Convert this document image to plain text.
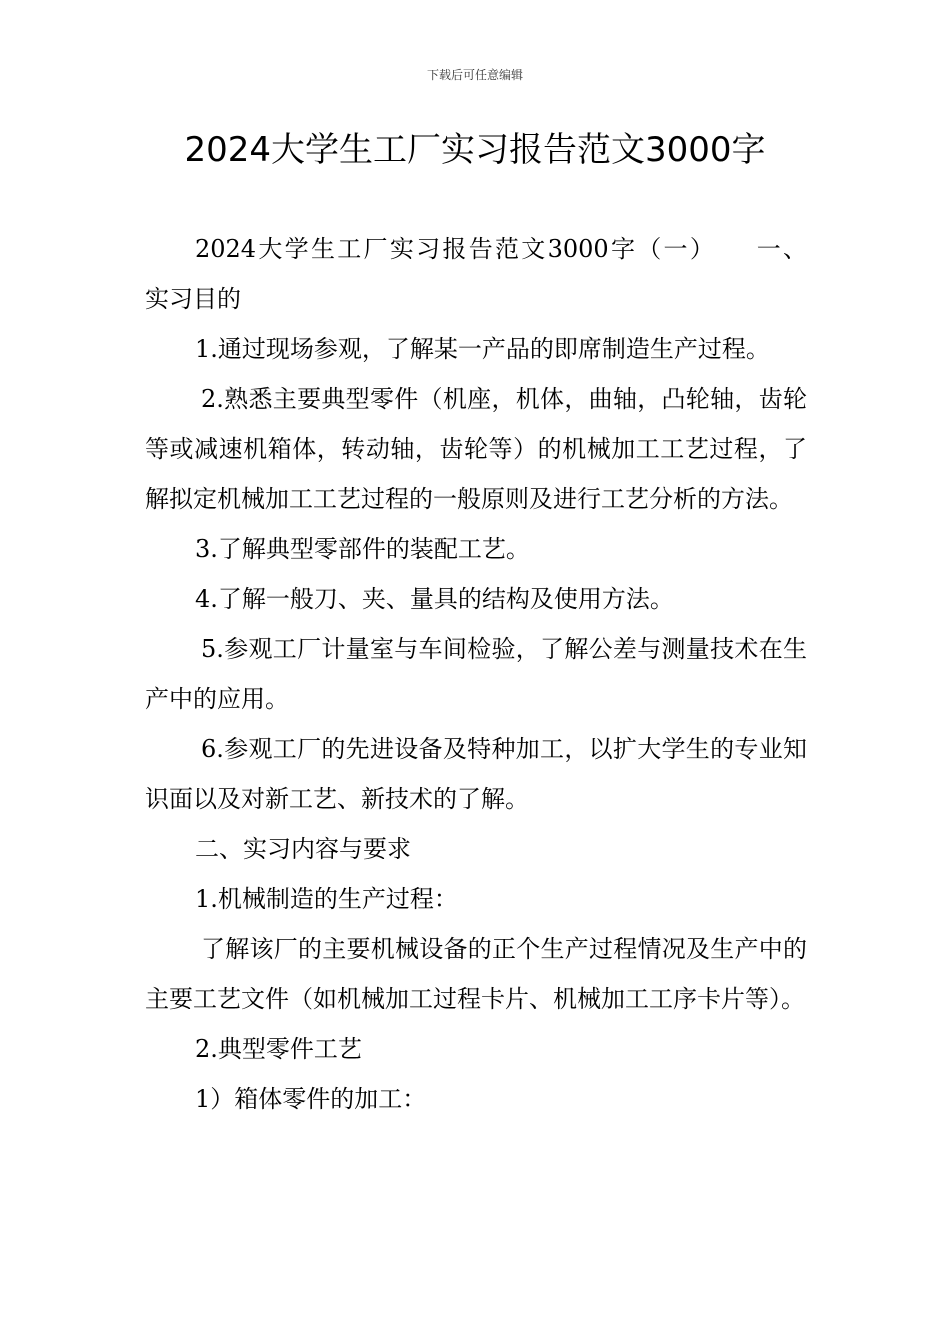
下载后可任意编辑
2024大学生工厂实习报告范文3000字

2024大学生工厂实习报告范文3000字（一）　　一、

实习目的

1.通过现场参观，了解某一产品的即席制造生产过程。

2.熟悉主要典型零件（机座，机体，曲轴，凸轮轴，齿轮等或减速机箱体，转动轴，齿轮等）的机械加工工艺过程，了解拟定机械加工工艺过程的一般原则及进行工艺分析的方法。

3.了解典型零部件的装配工艺。

4.了解一般刀、夹、量具的结构及使用方法。

5.参观工厂计量室与车间检验，了解公差与测量技术在生产中的应用。

6.参观工厂的先进设备及特种加工，以扩大学生的专业知识面以及对新工艺、新技术的了解。

二、实习内容与要求

1.机械制造的生产过程：

了解该厂的主要机械设备的正个生产过程情况及生产中的主要工艺文件（如机械加工过程卡片、机械加工工序卡片等）。

2.典型零件工艺

1）箱体零件的加工：
